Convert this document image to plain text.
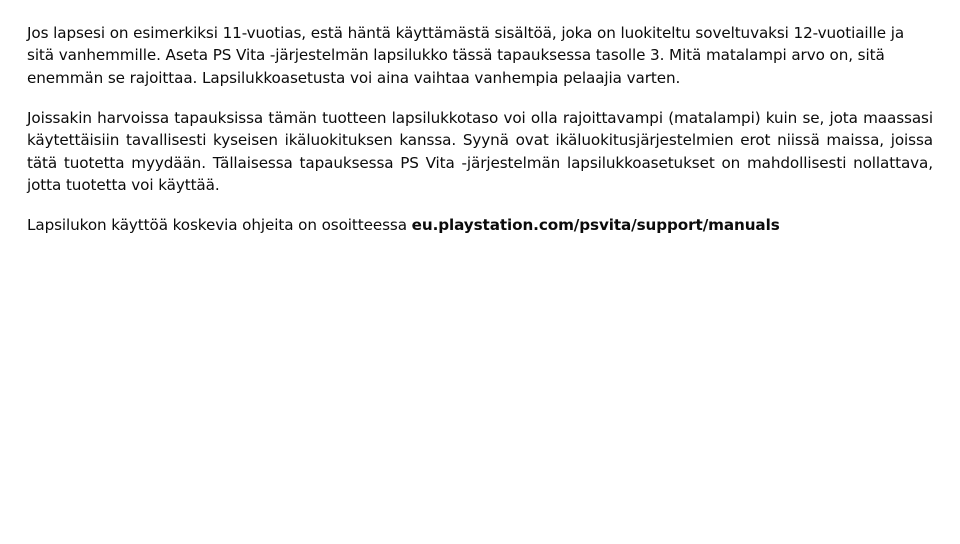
Jos lapsesi on esimerkiksi 11-vuotias, estä häntä käyttämästä sisältöä, joka on luokiteltu soveltuvaksi 12-vuotiaille ja sitä vanhemmille. Aseta PS Vita -järjestelmän lapsilukko tässä tapauksessa tasolle 3. Mitä matalampi arvo on, sitä enemmän se rajoittaa. Lapsilukkoasetusta voi aina vaihtaa vanhempia pelaajia varten.

Joissakin harvoissa tapauksissa tämän tuotteen lapsilukkotaso voi olla rajoittavampi (matalampi) kuin se, jota maassasi käytettäisiin tavallisesti kyseisen ikäluokituksen kanssa. Syynä ovat ikäluokitusjärjestelmien erot niissä maissa, joissa tätä tuotetta myydään. Tällaisessa tapauksessa PS Vita -järjestelmän lapsilukkoasetukset on mahdollisesti nollattava, jotta tuotetta voi käyttää.

Lapsilukon käyttöä koskevia ohjeita on osoitteessa eu.playstation.com/psvita/support/manuals
